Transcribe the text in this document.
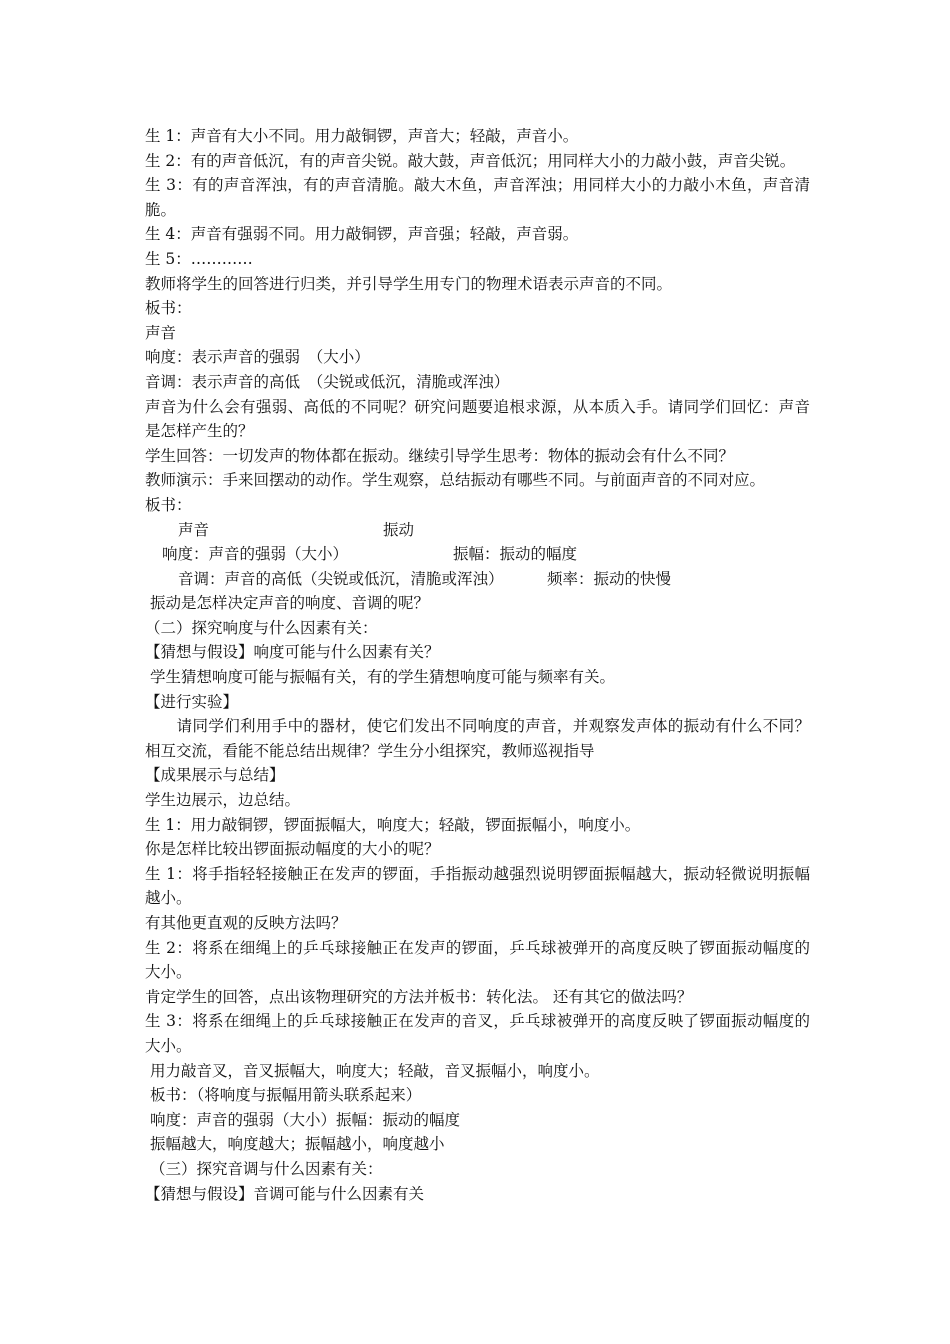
生 1：声音有大小不同。用力敲铜锣，声音大；轻敲，声音小。

生 2：有的声音低沉，有的声音尖锐。敲大鼓，声音低沉；用同样大小的力敲小鼓，声音尖锐。

生 3：有的声音浑浊，有的声音清脆。敲大木鱼，声音浑浊；用同样大小的力敲小木鱼，声音清脆。

生 4：声音有强弱不同。用力敲铜锣，声音强；轻敲，声音弱。

生 5：…………

教师将学生的回答进行归类，并引导学生用专门的物理术语表示声音的不同。

板书：

声音

响度：表示声音的强弱　（大小）

音调：表示声音的高低　（尖锐或低沉，清脆或浑浊）

声音为什么会有强弱、高低的不同呢？研究问题要追根求源，从本质入手。请同学们回忆：声音是怎样产生的？

学生回答：一切发声的物体都在振动。继续引导学生思考：物体的振动会有什么不同？

教师演示：手来回摆动的动作。学生观察，总结振动有哪些不同。与前面声音的不同对应。

板书：

声音	振动
响度：声音的强弱（大小）	振幅：振动的幅度
音调：声音的高低（尖锐或低沉，清脆或浑浊）	频率：振动的快慢

振动是怎样决定声音的响度、音调的呢？

（二）探究响度与什么因素有关：

【猜想与假设】响度可能与什么因素有关？

学生猜想响度可能与振幅有关，有的学生猜想响度可能与频率有关。

【进行实验】

　　请同学们利用手中的器材，使它们发出不同响度的声音，并观察发声体的振动有什么不同？相互交流，看能不能总结出规律？学生分小组探究，教师巡视指导

【成果展示与总结】

学生边展示，边总结。

生 1：用力敲铜锣，锣面振幅大，响度大；轻敲，锣面振幅小，响度小。

你是怎样比较出锣面振动幅度的大小的呢？

生 1：将手指轻轻接触正在发声的锣面，手指振动越强烈说明锣面振幅越大，振动轻微说明振幅越小。

有其他更直观的反映方法吗？

生 2：将系在细绳上的乒乓球接触正在发声的锣面，乒乓球被弹开的高度反映了锣面振动幅度的大小。

肯定学生的回答，点出该物理研究的方法并板书：转化法。 还有其它的做法吗？

生 3：将系在细绳上的乒乓球接触正在发声的音叉，乒乓球被弹开的高度反映了锣面振动幅度的大小。

用力敲音叉，音叉振幅大，响度大；轻敲，音叉振幅小，响度小。

板书：（将响度与振幅用箭头联系起来）

响度：声音的强弱（大小）振幅：振动的幅度

振幅越大，响度越大；振幅越小，响度越小

（三）探究音调与什么因素有关：

【猜想与假设】音调可能与什么因素有关
